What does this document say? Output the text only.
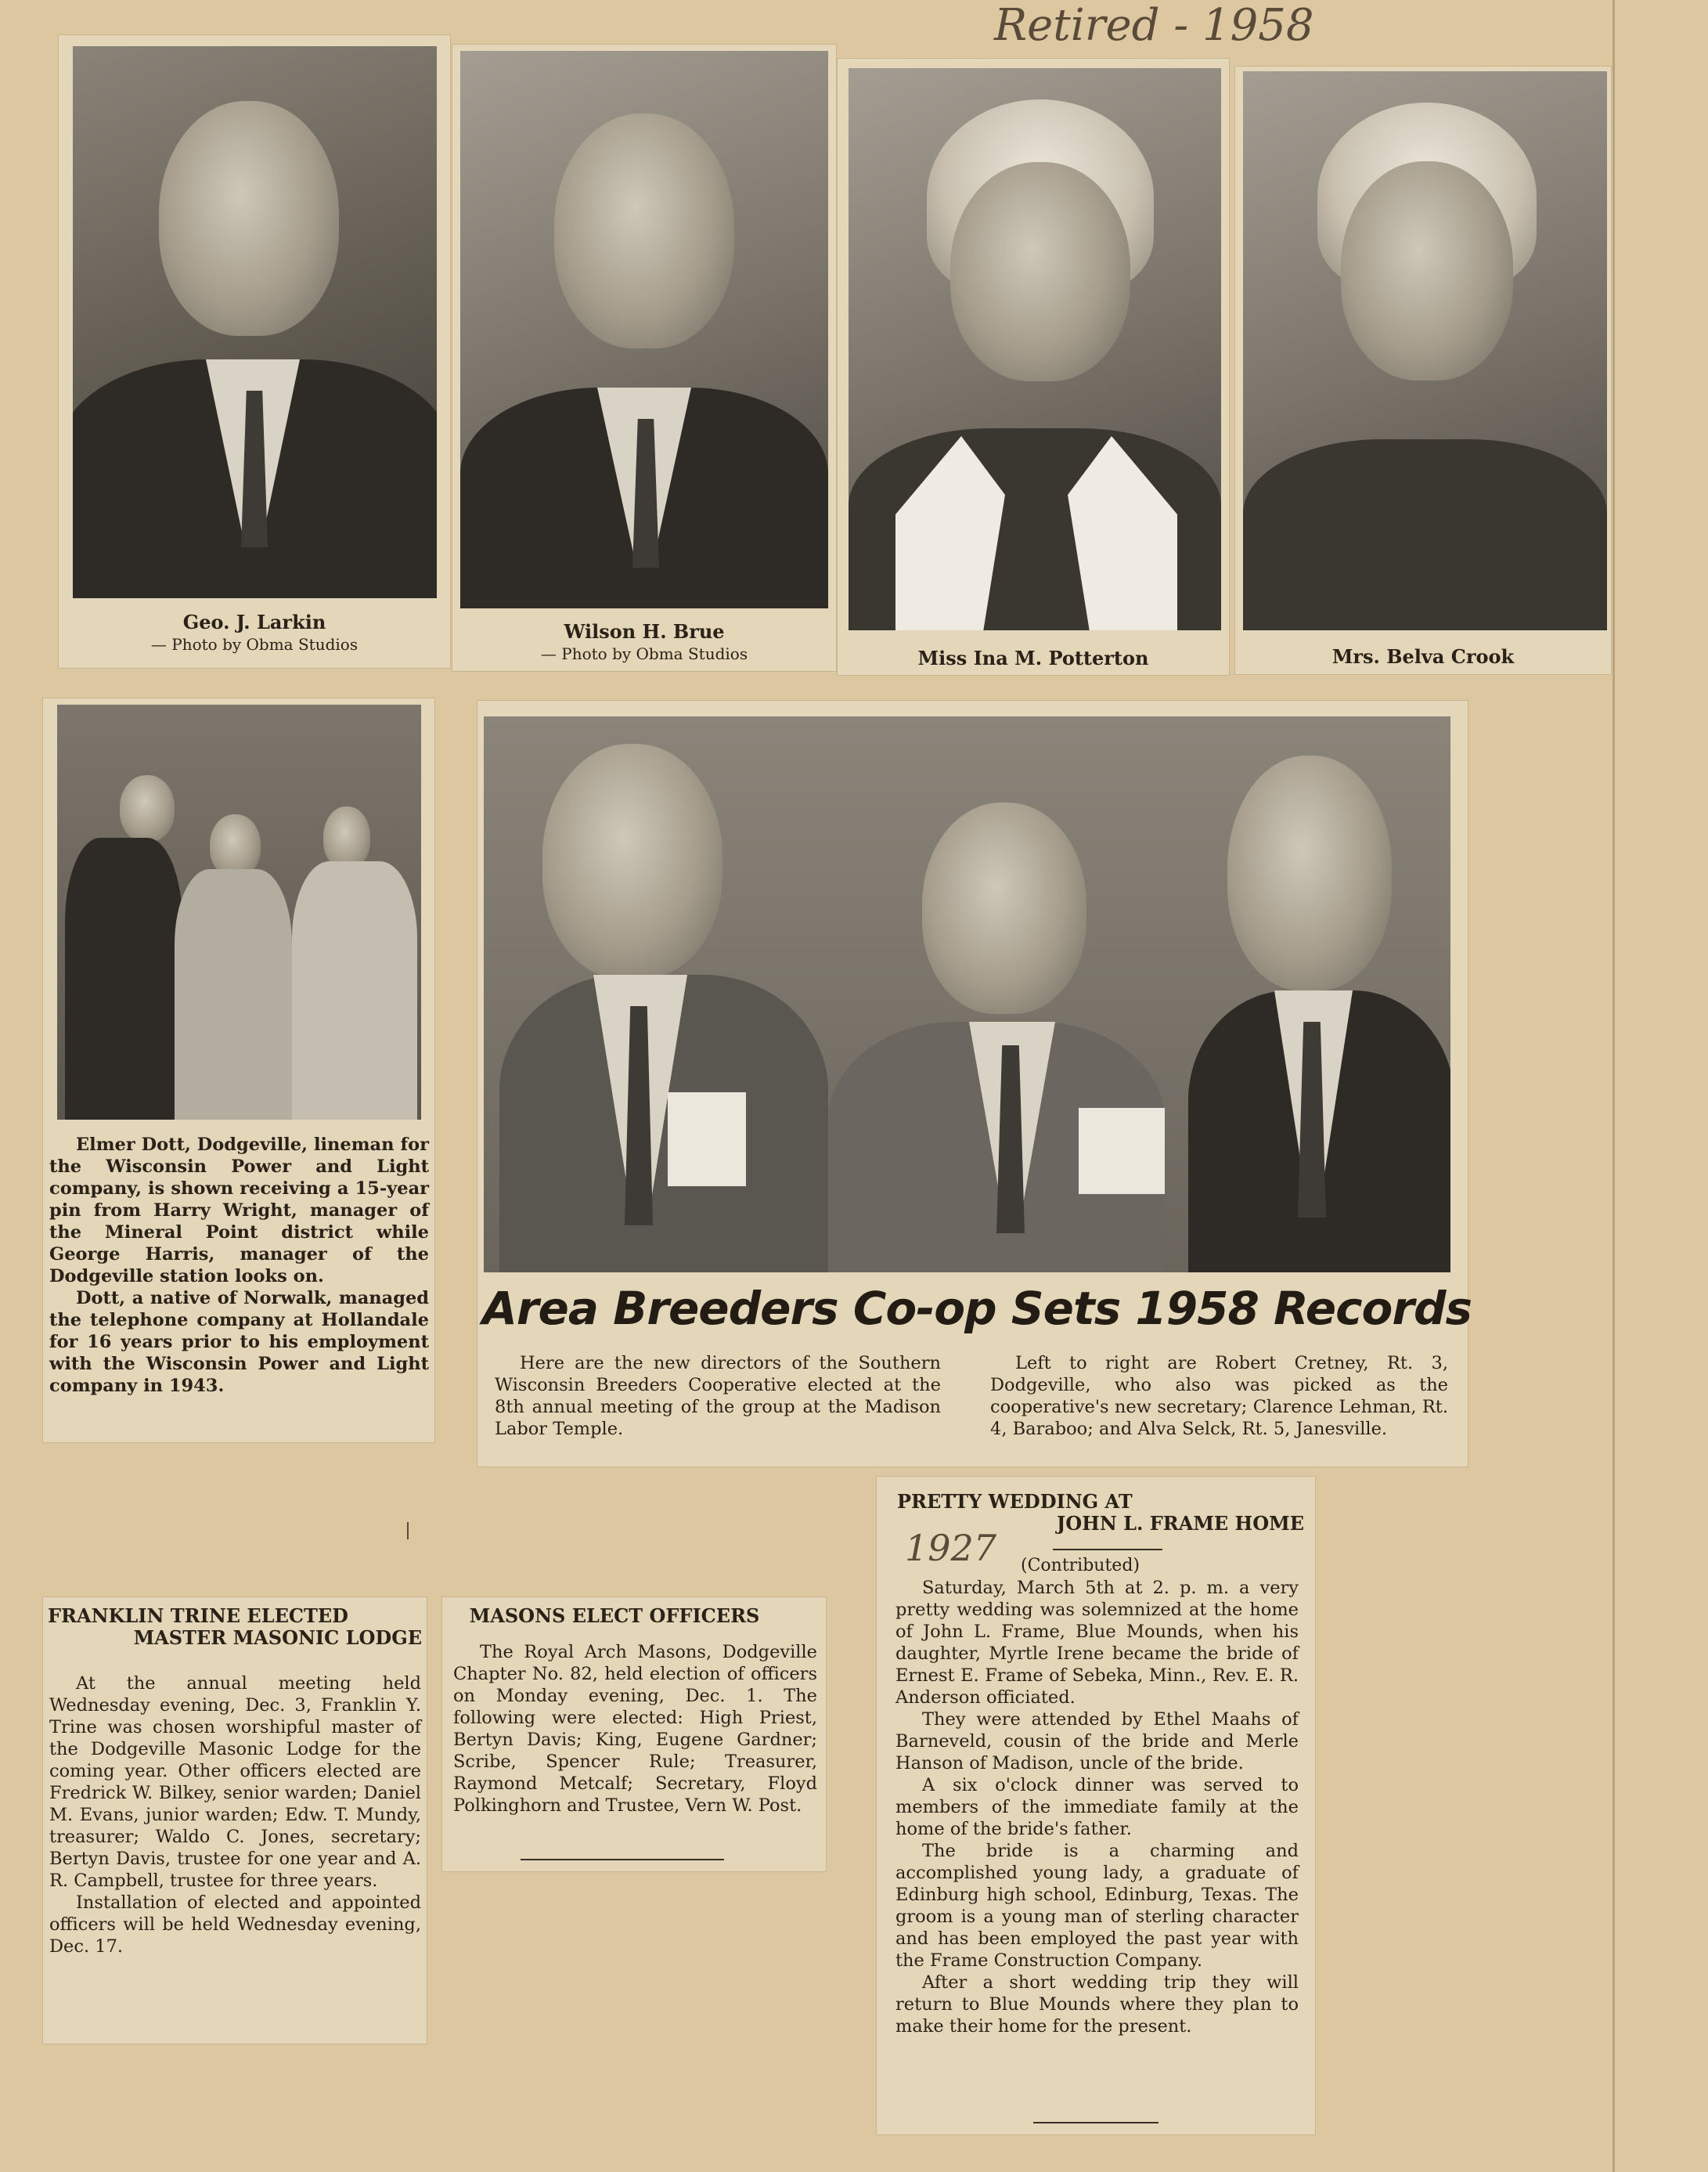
Retired - 1958
Geo. J. Larkin
— Photo by Obma Studios
Wilson H. Brue
— Photo by Obma Studios	Miss Ina M. Potterton	Mrs. Belva Crook

Elmer Dott, Dodgeville, lineman for the Wisconsin Power and Light company, is shown receiving a 15-year pin from Harry Wright, manager of the Mineral Point district while George Harris, manager of the Dodgeville station looks on.

Dott, a native of Norwalk, managed the telephone company at Hollandale for 16 years prior to his employment with the Wisconsin Power and Light company in 1943.

Area Breeders Co-op Sets 1958 Records

Here are the new directors of the Southern Wisconsin Breeders Cooperative elected at the 8th annual meeting of the group at the Madison Labor Temple.

Left to right are Robert Cretney, Rt. 3, Dodgeville, who also was picked as the cooperative's new secretary; Clarence Lehman, Rt. 4, Baraboo; and Alva Selck, Rt. 5, Janesville.

FRANKLIN TRINE ELECTED
MASTER MASONIC LODGE

At the annual meeting held Wednesday evening, Dec. 3, Franklin Y. Trine was chosen worshipful master of the Dodgeville Masonic Lodge for the coming year. Other officers elected are Fredrick W. Bilkey, senior warden; Daniel M. Evans, junior warden; Edw. T. Mundy, treasurer; Waldo C. Jones, secretary; Bertyn Davis, trustee for one year and A. R. Campbell, trustee for three years.

Installation of elected and appointed officers will be held Wednesday evening, Dec. 17.

MASONS ELECT OFFICERS

The Royal Arch Masons, Dodgeville Chapter No. 82, held election of officers on Monday evening, Dec. 1. The following were elected: High Priest, Bertyn Davis; King, Eugene Gardner; Scribe, Spencer Rule; Treasurer, Raymond Metcalf; Secretary, Floyd Polkinghorn and Trustee, Vern W. Post.

PRETTY WEDDING AT
JOHN L. FRAME HOME
1927	(Contributed)

Saturday, March 5th at 2. p. m. a very pretty wedding was solemnized at the home of John L. Frame, Blue Mounds, when his daughter, Myrtle Irene became the bride of Ernest E. Frame of Sebeka, Minn., Rev. E. R. Anderson officiated.

They were attended by Ethel Maahs of Barneveld, cousin of the bride and Merle Hanson of Madison, uncle of the bride.

A six o'clock dinner was served to members of the immediate family at the home of the bride's father.

The bride is a charming and accomplished young lady, a graduate of Edinburg high school, Edinburg, Texas. The groom is a young man of sterling character and has been employed the past year with the Frame Construction Company.

After a short wedding trip they will return to Blue Mounds where they plan to make their home for the present.
